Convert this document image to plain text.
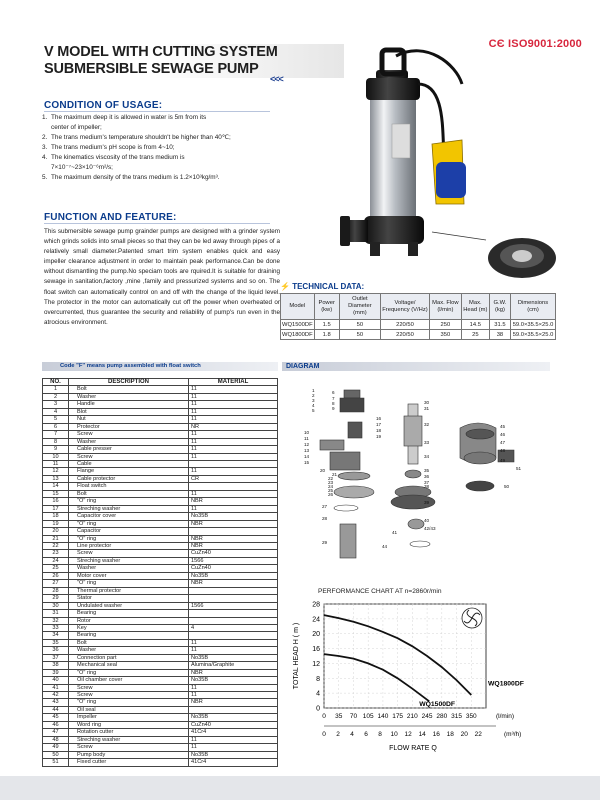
CЄ ISO9001:2000
V MODEL WITH CUTTING SYSTEM
SUBMERSIBLE SEWAGE PUMP
<<<
CONDITION OF USAGE:
1. The maximum deep it is allowed in water is 5m from its
center of impeller;
2. The trans medium's temperature shouldn't be higher than 40℃;
3. The trans medium's pH scope is from 4~10;
4. The kinematics viscosity of the trans medium is
7×10⁻⁷~23×10⁻⁶m²/s;
5. The maximum density of the trans medium is 1.2×10³kg/m³.
FUNCTION AND FEATURE:
This submersible sewage pump grainder pumps are designed with a grinder system which grinds solids into small pieces so that they can be led away through pipes of a relatively small diameter.Patented smart trim system enables quick and easy impeller clearance adjustment in order to maintain peak performance.Can be done without dismantling the pump.No speciam tools are rquired.It is suitable for draining sewage in sanitation,factory ,mine ,family and pressurized systems and so on. The float switch can automatically control on and off with the change of the liquid level. The protector in the motor can automatically cut off the power when overheated or overcurrented, thus guarantee the security and reliability of pump's run even in the atrocious environment.
⚡ TECHNICAL DATA:
Model	Power (kw)	Outlet Diameter (mm)	Voltage/ Frequency (V/Hz)	Max. Flow (l/min)	Max. Head (m)	G.W. (kg)	Dimensions (cm)
WQ1500DF	1.5	50	220/50	250	14.5	31.5	59.0×35.5×25.0
WQ1800DF	1.8	50	220/50	350	25	38	59.0×35.5×25.0
Code "F" means pump assembled with float switch	DIAGRAM
NO.	DESCRIPTION	MATERIAL
1	Bolt	11
2	Washer	11
3	Handle	11
4	Blot	11
5	Nut	11
6	Protector	NR
7	Screw	11
8	Washer	11
9	Cable presser	11
10	Screw	11
11	Cable	
12	Flange	11
13	Cable protector	CR
14	Float switch	
15	Bolt	11
16	"O" ring	NBR
17	Streching washer	11
18	Capacitor cover	No35B
19	"O" ring	NBR
20	Capacitor	
21	"O" ring	NBR
22	Line protector	NBR
23	Screw	CuZn40
24	Streching washer	1566
25	Washer	CuZn40
26	Motor cover	No35B
27	"O" ring	NBR
28	Thermal protector	
29	Stator	
30	Undulated washer	1566
31	Bearing	
32	Rotor	
33	Key	4
34	Bearing	
35	Bolt	11
36	Washer	11
37	Connection part	No35B
38	Mechanical seal	Alumina/Graphite
39	"O" ring	NBR
40	Oil chamber cover	No35B
41	Screw	11
42	Screw	11
43	"O" ring	NBR
44	Oil seal	
45	Impeller	No35B
46	Word ring	CuZn40
47	Rotation cutter	41Cr4
48	Streching washer	11
49	Screw	11
50	Pump body	No35B
51	Fixed cutter	41Cr4
1
2
3
4
5
6
7
8
9
10
11
12
13
14
15
16
17
18
19
20
21
22
23
24
25
26
27
28
29
30
31
32
33
34
35
36
37
38
39
40
41
42/43
44
45
46
47
48
49
50
51
PERFORMANCE CHART AT n=2860r/min
0
4
8
12
16
20
24
28
0 35 70 105 140 175 210 245 280 315 350
0 2 4 6 8 10 12 14 16 18 20 22
(l/min)
(m³/h)
FLOW RATE Q
TOTAL HEAD H ( m )	WQ1800DF
WQ1500DF
